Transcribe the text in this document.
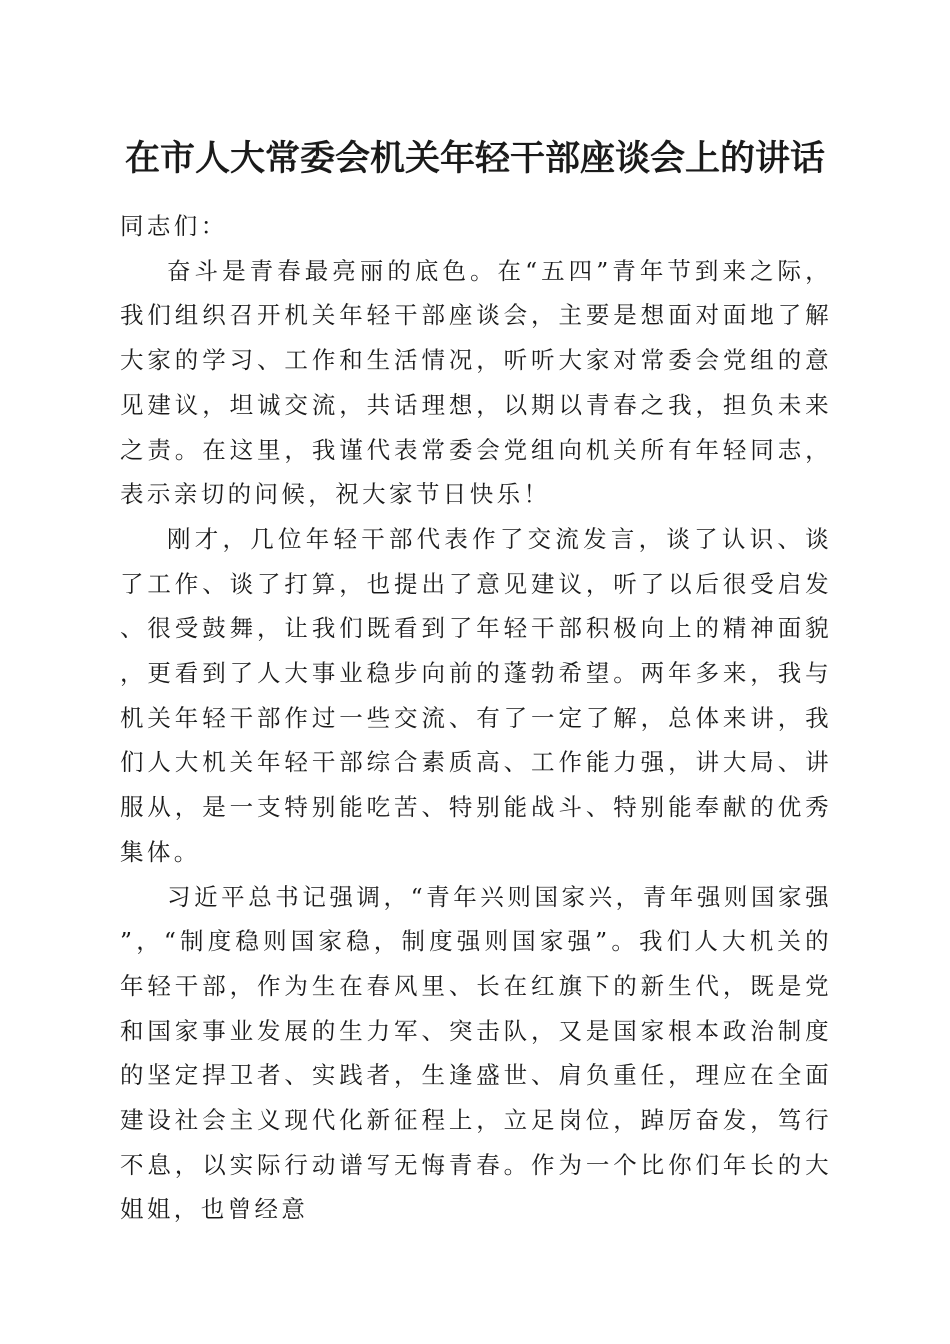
在市人大常委会机关年轻干部座谈会上的讲话

同志们：

奋斗是青春最亮丽的底色。在“五四”青年节到来之际，我们组织召开机关年轻干部座谈会，主要是想面对面地了解大家的学习、工作和生活情况，听听大家对常委会党组的意见建议，坦诚交流，共话理想，以期以青春之我，担负未来之责。在这里，我谨代表常委会党组向机关所有年轻同志，表示亲切的问候，祝大家节日快乐！

刚才，几位年轻干部代表作了交流发言，谈了认识、谈了工作、谈了打算，也提出了意见建议，听了以后很受启发、很受鼓舞，让我们既看到了年轻干部积极向上的精神面貌，更看到了人大事业稳步向前的蓬勃希望。两年多来，我与机关年轻干部作过一些交流、有了一定了解，总体来讲，我们人大机关年轻干部综合素质高、工作能力强，讲大局、讲服从，是一支特别能吃苦、特别能战斗、特别能奉献的优秀集体。

习近平总书记强调，“青年兴则国家兴，青年强则国家强”，“制度稳则国家稳，制度强则国家强”。我们人大机关的年轻干部，作为生在春风里、长在红旗下的新生代，既是党和国家事业发展的生力军、突击队，又是国家根本政治制度的坚定捍卫者、实践者，生逢盛世、肩负重任，理应在全面建设社会主义现代化新征程上，立足岗位，踔厉奋发，笃行不息，以实际行动谱写无悔青春。作为一个比你们年长的大姐姐，也曾经意
